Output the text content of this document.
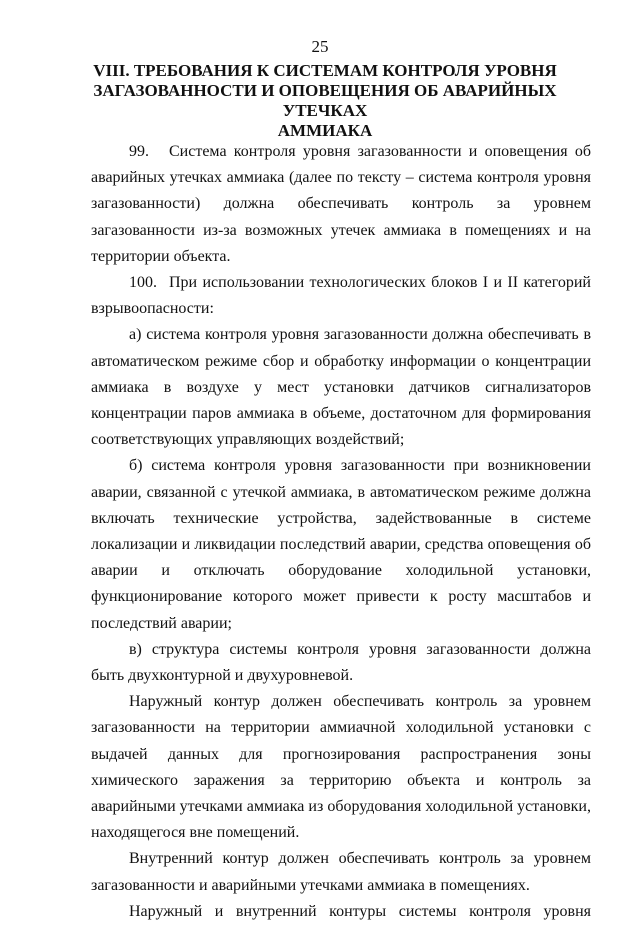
25
VIII. ТРЕБОВАНИЯ К СИСТЕМАМ КОНТРОЛЯ УРОВНЯ
ЗАГАЗОВАННОСТИ И ОПОВЕЩЕНИЯ ОБ АВАРИЙНЫХ УТЕЧКАХ
АММИАКА

99. Система контроля уровня загазованности и оповещения об аварийных утечках аммиака (далее по тексту – система контроля уровня загазованности) должна обеспечивать контроль за уровнем загазованности из-за возможных утечек аммиака в помещениях и на территории объекта.

100. При использовании технологических блоков I и II категорий взрывоопасности:

а) система контроля уровня загазованности должна обеспечивать в автоматическом режиме сбор и обработку информации о концентрации аммиака в воздухе у мест установки датчиков сигнализаторов концентрации паров аммиака в объеме, достаточном для формирования соответствующих управляющих воздействий;

б) система контроля уровня загазованности при возникновении аварии, связанной с утечкой аммиака, в автоматическом режиме должна включать технические устройства, задействованные в системе локализации и ликвидации последствий аварии, средства оповещения об аварии и отключать оборудование холодильной установки, функционирование которого может привести к росту масштабов и последствий аварии;

в) структура системы контроля уровня загазованности должна быть двухконтурной и двухуровневой.

Наружный контур должен обеспечивать контроль за уровнем загазованности на территории аммиачной холодильной установки с выдачей данных для прогнозирования распространения зоны химического заражения за территорию объекта и контроль за аварийными утечками аммиака из оборудования холодильной установки, находящегося вне помещений.

Внутренний контур должен обеспечивать контроль за уровнем загазованности и аварийными утечками аммиака в помещениях.

Наружный и внутренний контуры системы контроля уровня
